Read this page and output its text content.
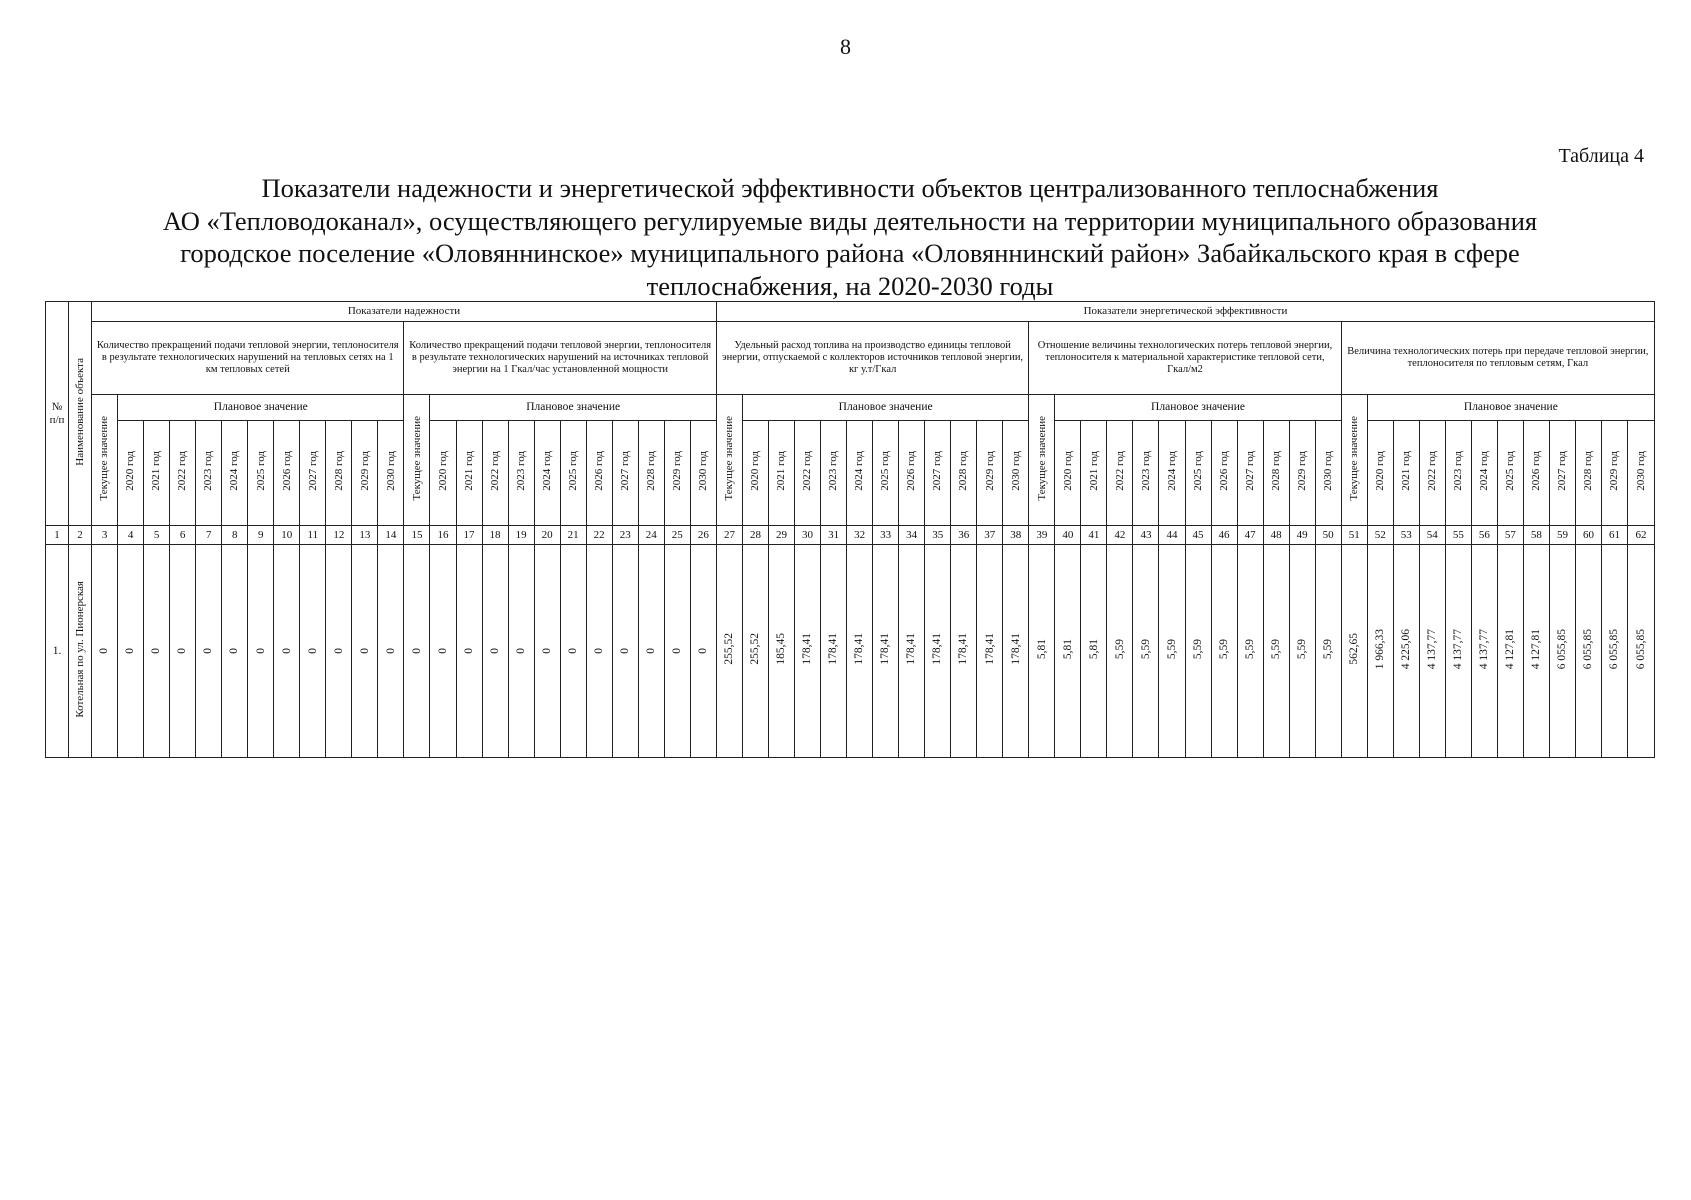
8
Таблица 4
Показатели надежности и энергетической эффективности объектов централизованного теплоснабжения
АО «Тепловодоканал», осуществляющего регулируемые виды деятельности на территории муниципального образования
городское поселение «Оловяннинское» муниципального района «Оловяннинский район» Забайкальского края в сфере
теплоснабжения, на 2020-2030 годы
№ п/п	Наименование объекта	Показатели надежности																								Показатели энергетической эффективности																																			
		Количество прекращений подачи тепловой энергии, теплоносителя в результате технологических нарушений на тепловых сетях на 1 км тепловых сетей												Количество прекращений подачи тепловой энергии, теплоносителя в результате технологических нарушений на источниках тепловой энергии на 1 Гкал/час установленной мощности												Удельный расход топлива на производство единицы тепловой энергии, отпускаемой с коллекторов источников тепловой энергии, кг у.т/Гкал												Отношение величины технологических потерь тепловой энергии, теплоносителя к материальной характеристике тепловой сети, Гкал/м2												Величина технологических потерь при передаче тепловой энергии, теплоносителя по тепловым сетям, Гкал											
		Текущее значение	Плановое значение											Текущее значение	Плановое значение											Текущее значение	Плановое значение											Текущее значение	Плановое значение											Текущее значение	Плановое значение										
			2020 год	2021 год	2022 год	2023 год	2024 год	2025 год	2026 год	2027 год	2028 год	2029 год	2030 год		2020 год	2021 год	2022 год	2023 год	2024 год	2025 год	2026 год	2027 год	2028 год	2029 год	2030 год		2020 год	2021 год	2022 год	2023 год	2024 год	2025 год	2026 год	2027 год	2028 год	2029 год	2030 год		2020 год	2021 год	2022 год	2023 год	2024 год	2025 год	2026 год	2027 год	2028 год	2029 год	2030 год		2020 год	2021 год	2022 год	2023 год	2024 год	2025 год	2026 год	2027 год	2028 год	2029 год	2030 год
1	2	3	4	5	6	7	8	9	10	11	12	13	14	15	16	17	18	19	20	21	22	23	24	25	26	27	28	29	30	31	32	33	34	35	36	37	38	39	40	41	42	43	44	45	46	47	48	49	50	51	52	53	54	55	56	57	58	59	60	61	62
1.	Котельная по ул. Пионерская	0	0	0	0	0	0	0	0	0	0	0	0	0	0	0	0	0	0	0	0	0	0	0	0	255,52	255,52	185,45	178,41	178,41	178,41	178,41	178,41	178,41	178,41	178,41	178,41	5,81	5,81	5,81	5,59	5,59	5,59	5,59	5,59	5,59	5,59	5,59	5,59	562,65	1 966,33	4 225,06	4 137,77	4 137,77	4 137,77	4 127,81	4 127,81	6 055,85	6 055,85	6 055,85	6 055,85
